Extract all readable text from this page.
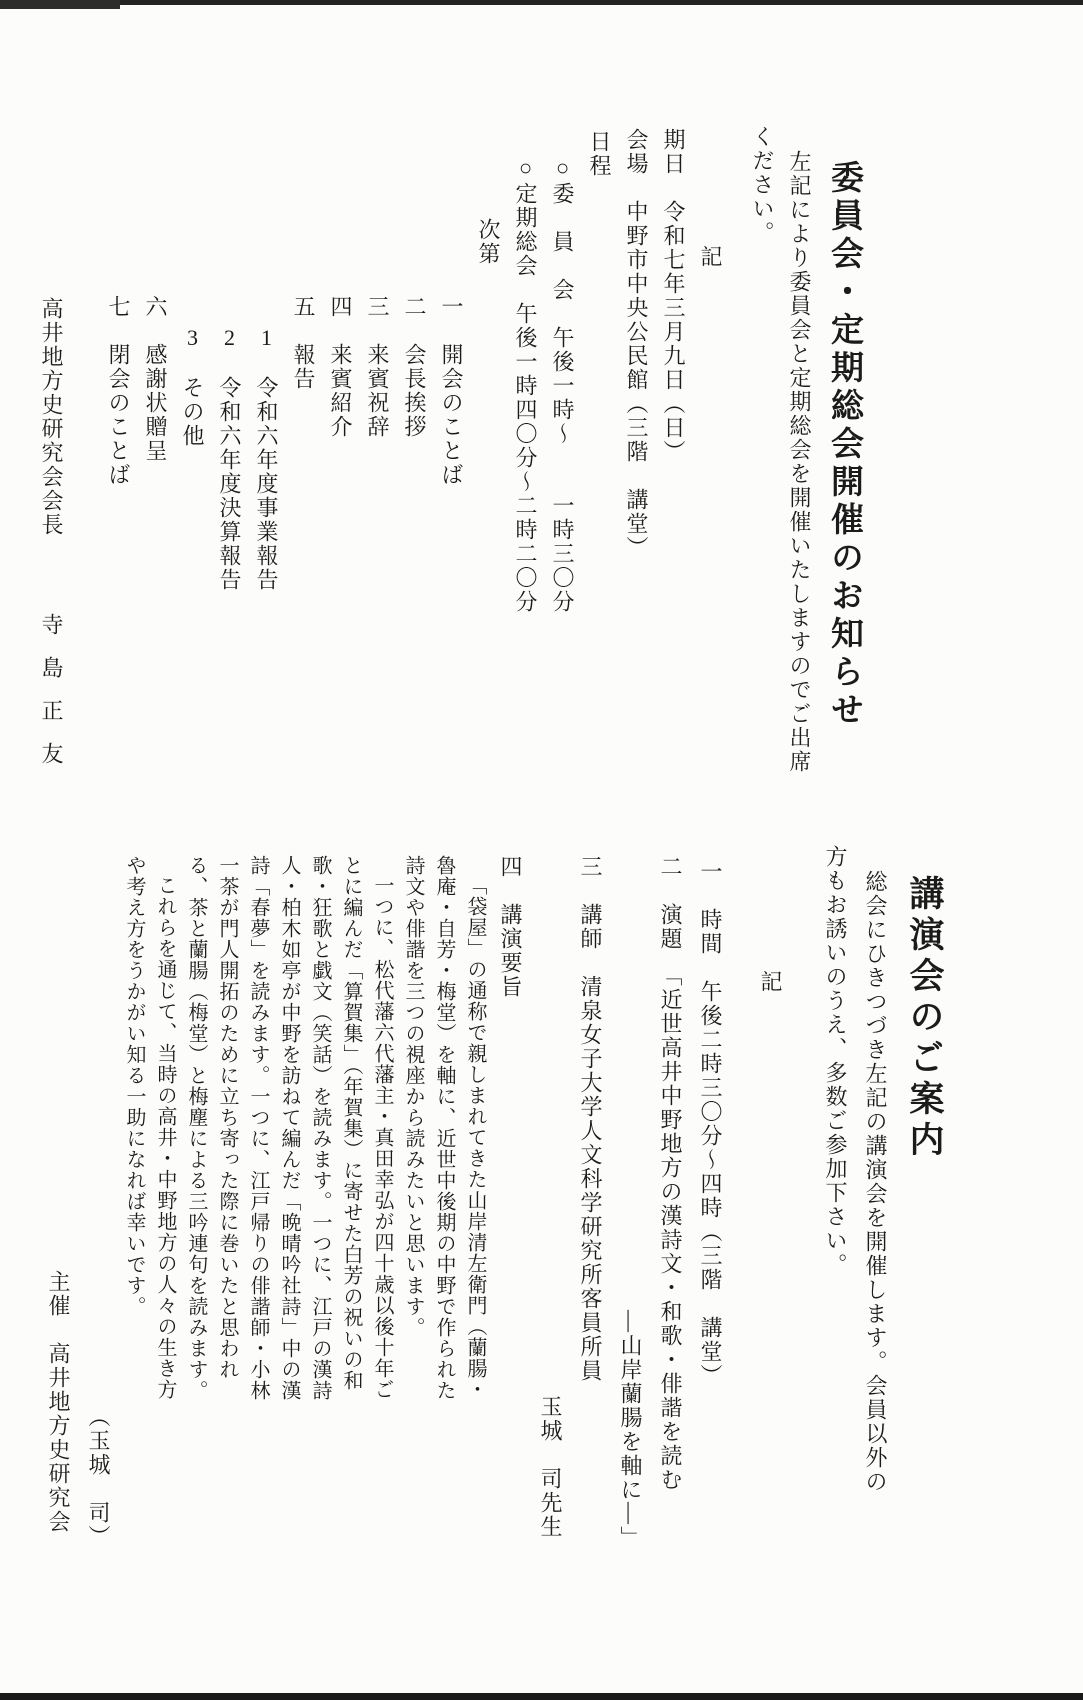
委員会・定期総会開催のお知らせ
左記により委員会と定期総会を開催いたしますのでご出席
ください。
記
期日　令和七年三月九日（日）
会場　中野市中央公民館（三階　講堂）
日程
○委　員　会　午後一時～　　一時三〇分
○定期総会　午後一時四〇分～二時二〇分
次第
一　開会のことば
二　会長挨拶
三　来賓祝辞
四　来賓紹介
五　報告
1　令和六年度事業報告
2　令和六年度決算報告
3　その他
六　感謝状贈呈
七　閉会のことば
高井地方史研究会会長寺島正友
講演会のご案内
総会にひきつづき左記の講演会を開催します。会員以外の
方もお誘いのうえ、多数ご参加下さい。
記
一　時間　午後二時三〇分～四時（三階　講堂）
二　演題　「近世高井中野地方の漢詩文・和歌・俳諧を読む
―山岸蘭腸を軸に―」
三　講師　清泉女子大学人文科学研究所客員所員
玉城　司先生
四　講演要旨

「袋屋」の通称で親しまれてきた山岸清左衛門（蘭腸・魯庵・自芳・梅堂）を軸に、近世中後期の中野で作られた詩文や俳諧を三つの視座から読みたいと思います。

一つに、松代藩六代藩主・真田幸弘が四十歳以後十年ごとに編んだ「算賀集」（年賀集）に寄せた白芳の祝いの和歌・狂歌と戯文（笑話）を読みます。一つに、江戸の漢詩人・柏木如亭が中野を訪ねて編んだ「晩晴吟社詩」中の漢詩「春夢」を読みます。一つに、江戸帰りの俳諧師・小林一茶が門人開拓のために立ち寄った際に巻いたと思われる、茶と蘭腸（梅堂）と梅塵による三吟連句を読みます。

これらを通じて、当時の高井・中野地方の人々の生き方や考え方をうかがい知る一助になれば幸いです。

（玉城　司）
主催　高井地方史研究会
